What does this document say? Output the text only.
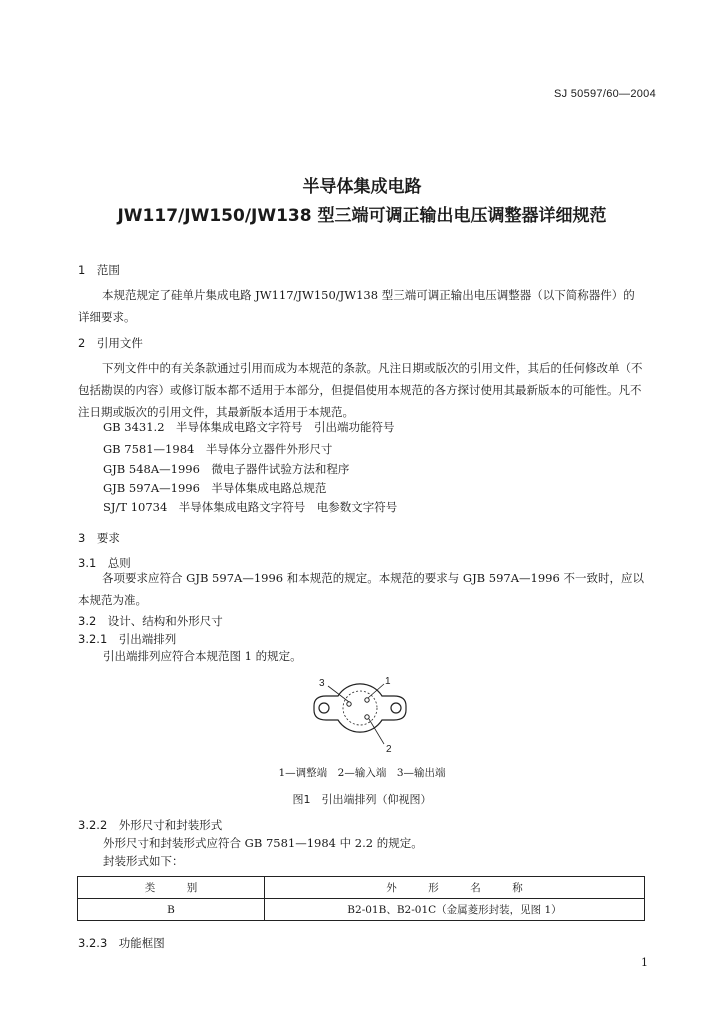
SJ 50597/60—2004
半导体集成电路
JW117/JW150/JW138 型三端可调正输出电压调整器详细规范
1　范围
本规范规定了硅单片集成电路 JW117/JW150/JW138 型三端可调正输出电压调整器（以下简称器件）的详细要求。
2　引用文件
下列文件中的有关条款通过引用而成为本规范的条款。凡注日期或版次的引用文件，其后的任何修改单（不包括勘误的内容）或修订版本都不适用于本部分，但提倡使用本规范的各方探讨使用其最新版本的可能性。凡不注日期或版次的引用文件，其最新版本适用于本规范。
GB 3431.2　半导体集成电路文字符号　引出端功能符号
GB 7581—1984　半导体分立器件外形尺寸
GJB 548A—1996　微电子器件试验方法和程序
GJB 597A—1996　半导体集成电路总规范
SJ/T 10734　半导体集成电路文字符号　电参数文字符号
3　要求
3.1　总则
各项要求应符合 GJB 597A—1996 和本规范的规定。本规范的要求与 GJB 597A—1996 不一致时，应以本规范为准。
3.2　设计、结构和外形尺寸
3.2.1　引出端排列
引出端排列应符合本规范图 1 的规定。
3	1
2
1—调整端　2—输入端　3—输出端
图1　引出端排列（仰视图）
3.2.2　外形尺寸和封装形式
外形尺寸和封装形式应符合 GB 7581—1984 中 2.2 的规定。
封装形式如下：
类　　　别	外　　　形　　　名　　　称
B	B2-01B、B2-01C（金属菱形封装，见图 1）
3.2.3　功能框图
1
